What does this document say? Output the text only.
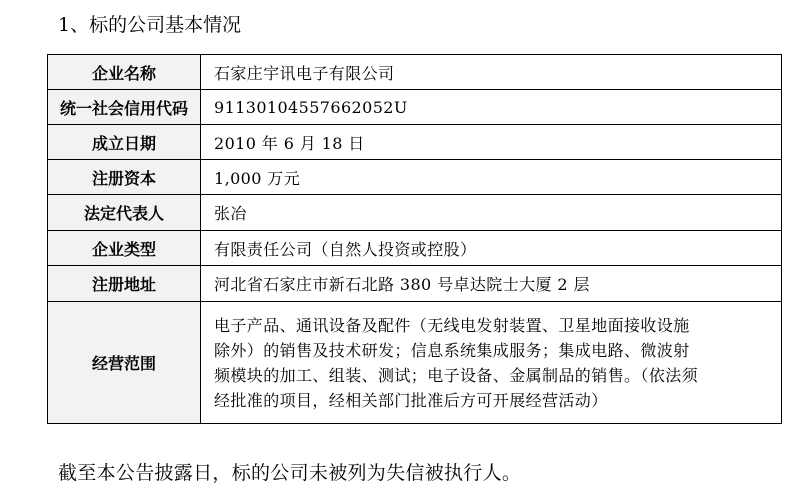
1、标的公司基本情况
企业名称	石家庄宇讯电子有限公司
统一社会信用代码	91130104557662052U
成立日期	2010 年 6 月 18 日
注册资本	1,000 万元
法定代表人	张冶
企业类型	有限责任公司（自然人投资或控股）
注册地址	河北省石家庄市新石北路 380 号卓达院士大厦 2 层
经营范围	电子产品、通讯设备及配件（无线电发射装置、卫星地面接收设施
除外）的销售及技术研发；信息系统集成服务；集成电路、微波射
频模块的加工、组装、测试；电子设备、金属制品的销售。（依法须
经批准的项目，经相关部门批准后方可开展经营活动）
截至本公告披露日，标的公司未被列为失信被执行人。
